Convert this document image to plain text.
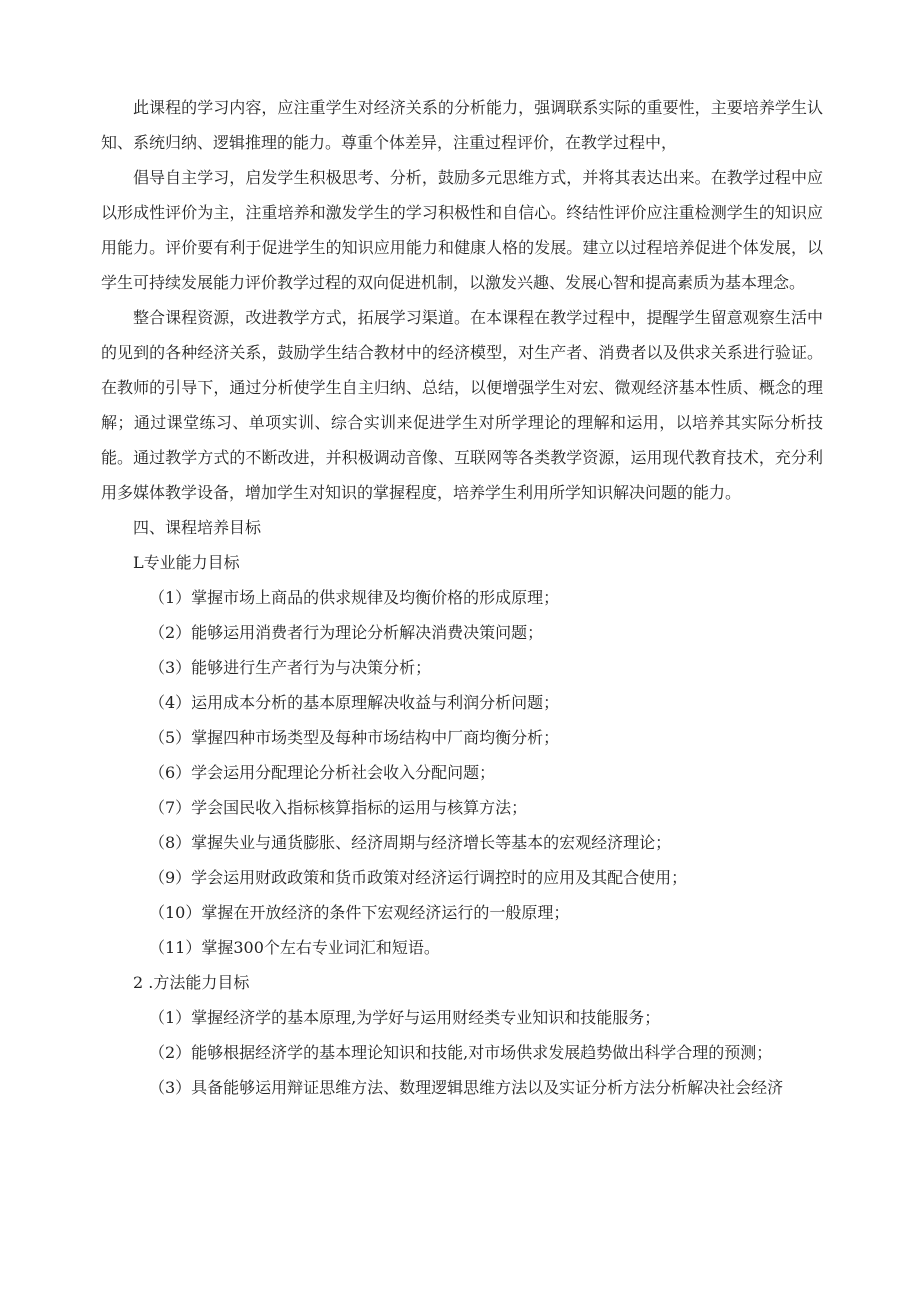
此课程的学习内容，应注重学生对经济关系的分析能力，强调联系实际的重要性，主要培养学生认知、系统归纳、逻辑推理的能力。尊重个体差异，注重过程评价，在教学过程中，

倡导自主学习，启发学生积极思考、分析，鼓励多元思维方式，并将其表达出来。在教学过程中应以形成性评价为主，注重培养和激发学生的学习积极性和自信心。终结性评价应注重检测学生的知识应用能力。评价要有利于促进学生的知识应用能力和健康人格的发展。建立以过程培养促进个体发展，以学生可持续发展能力评价教学过程的双向促进机制，以激发兴趣、发展心智和提高素质为基本理念。

整合课程资源，改进教学方式，拓展学习渠道。在本课程在教学过程中，提醒学生留意观察生活中的见到的各种经济关系，鼓励学生结合教材中的经济模型，对生产者、消费者以及供求关系进行验证。在教师的引导下，通过分析使学生自主归纳、总结，以便增强学生对宏、微观经济基本性质、概念的理解；通过课堂练习、单项实训、综合实训来促进学生对所学理论的理解和运用，以培养其实际分析技能。通过教学方式的不断改进，并积极调动音像、互联网等各类教学资源，运用现代教育技术，充分利用多媒体教学设备，增加学生对知识的掌握程度，培养学生利用所学知识解决问题的能力。

四、课程培养目标

L专业能力目标

（1）掌握市场上商品的供求规律及均衡价格的形成原理；

（2）能够运用消费者行为理论分析解决消费决策问题；

（3）能够进行生产者行为与决策分析；

（4）运用成本分析的基本原理解决收益与利润分析问题；

（5）掌握四种市场类型及每种市场结构中厂商均衡分析；

（6）学会运用分配理论分析社会收入分配问题；

（7）学会国民收入指标核算指标的运用与核算方法；

（8）掌握失业与通货膨胀、经济周期与经济增长等基本的宏观经济理论；

（9）学会运用财政政策和货币政策对经济运行调控时的应用及其配合使用；

（10）掌握在开放经济的条件下宏观经济运行的一般原理；

（11）掌握300个左右专业词汇和短语。

2 .方法能力目标

（1）掌握经济学的基本原理,为学好与运用财经类专业知识和技能服务；

（2）能够根据经济学的基本理论知识和技能,对市场供求发展趋势做出科学合理的预测；

（3）具备能够运用辩证思维方法、数理逻辑思维方法以及实证分析方法分析解决社会经济
